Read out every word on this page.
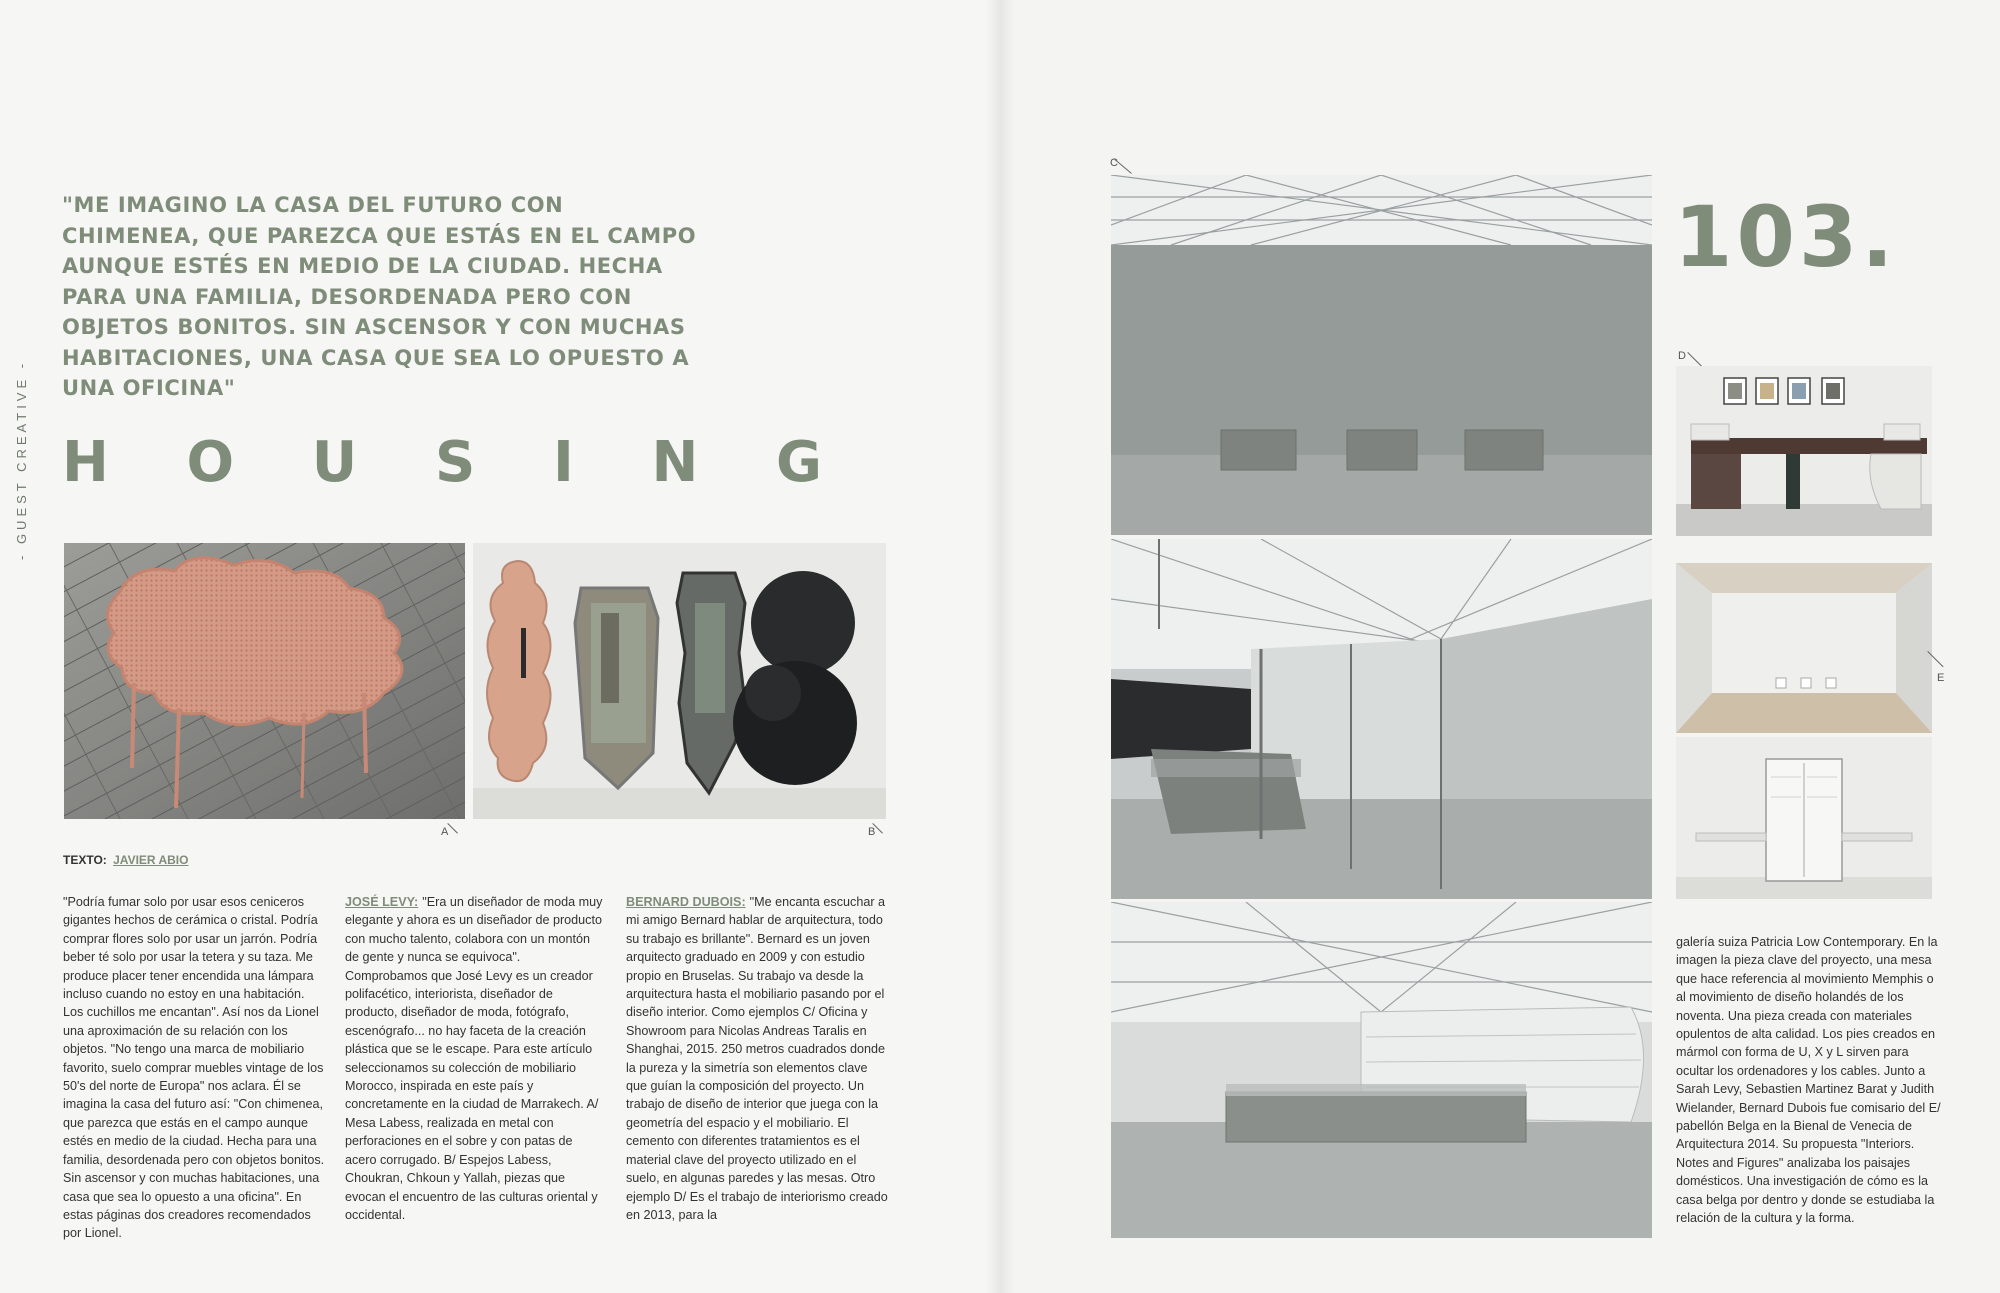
- GUEST CREATIVE -
"ME IMAGINO LA CASA DEL FUTURO CON CHIMENEA, QUE PAREZCA QUE ESTÁS EN EL CAMPO AUNQUE ESTÉS EN MEDIO DE LA CIUDAD. HECHA PARA UNA FAMILIA, DESORDENADA PERO CON OBJETOS BONITOS. SIN ASCENSOR Y CON MUCHAS HABITACIONES, UNA CASA QUE SEA LO OPUESTO A UNA OFICINA"
H O U S I N G
A	B
TEXTO: JAVIER ABIO
"Podría fumar solo por usar esos ceniceros gigantes hechos de cerámica o cristal. Podría comprar flores solo por usar un jarrón. Podría beber té solo por usar la tetera y su taza. Me produce placer tener encendida una lámpara incluso cuando no estoy en una habitación. Los cuchillos me encantan". Así nos da Lionel una aproximación de su relación con los objetos. "No tengo una marca de mobiliario favorito, suelo comprar muebles vintage de los 50's del norte de Europa" nos aclara. Él se imagina la casa del futuro así: "Con chimenea, que parezca que estás en el campo aunque estés en medio de la ciudad. Hecha para una familia, desordenada pero con objetos bonitos. Sin ascensor y con muchas habitaciones, una casa que sea lo opuesto a una oficina". En estas páginas dos creadores recomendados por Lionel.
JOSÉ LEVY: "Era un diseñador de moda muy elegante y ahora es un diseñador de producto con mucho talento, colabora con un montón de gente y nunca se equivoca". Comprobamos que José Levy es un creador polifacético, interiorista, diseñador de producto, diseñador de moda, fotógrafo, escenógrafo... no hay faceta de la creación plástica que se le escape. Para este artículo seleccionamos su colección de mobiliario Morocco, inspirada en este país y concretamente en la ciudad de Marrakech. A/ Mesa Labess, realizada en metal con perforaciones en el sobre y con patas de acero corrugado. B/ Espejos Labess, Choukran, Chkoun y Yallah, piezas que evocan el encuentro de las culturas oriental y occidental.
BERNARD DUBOIS: "Me encanta escuchar a mi amigo Bernard hablar de arquitectura, todo su trabajo es brillante". Bernard es un joven arquitecto graduado en 2009 y con estudio propio en Bruselas. Su trabajo va desde la arquitectura hasta el mobiliario pasando por el diseño interior. Como ejemplos C/ Oficina y Showroom para Nicolas Andreas Taralis en Shanghai, 2015. 250 metros cuadrados donde la pureza y la simetría son elementos clave que guían la composición del proyecto. Un trabajo de diseño de interior que juega con la geometría del espacio y el mobiliario. El cemento con diferentes tratamientos es el material clave del proyecto utilizado en el suelo, en algunas paredes y las mesas. Otro ejemplo D/ Es el trabajo de interiorismo creado en 2013, para la
C
103.
D
E
galería suiza Patricia Low Contemporary. En la imagen la pieza clave del proyecto, una mesa que hace referencia al movimiento Memphis o al movimiento de diseño holandés de los noventa. Una pieza creada con materiales opulentos de alta calidad. Los pies creados en mármol con forma de U, X y L sirven para ocultar los ordenadores y los cables. Junto a Sarah Levy, Sebastien Martinez Barat y Judith Wielander, Bernard Dubois fue comisario del E/ pabellón Belga en la Bienal de Venecia de Arquitectura 2014. Su propuesta "Interiors. Notes and Figures" analizaba los paisajes domésticos. Una investigación de cómo es la casa belga por dentro y donde se estudiaba la relación de la cultura y la forma.
